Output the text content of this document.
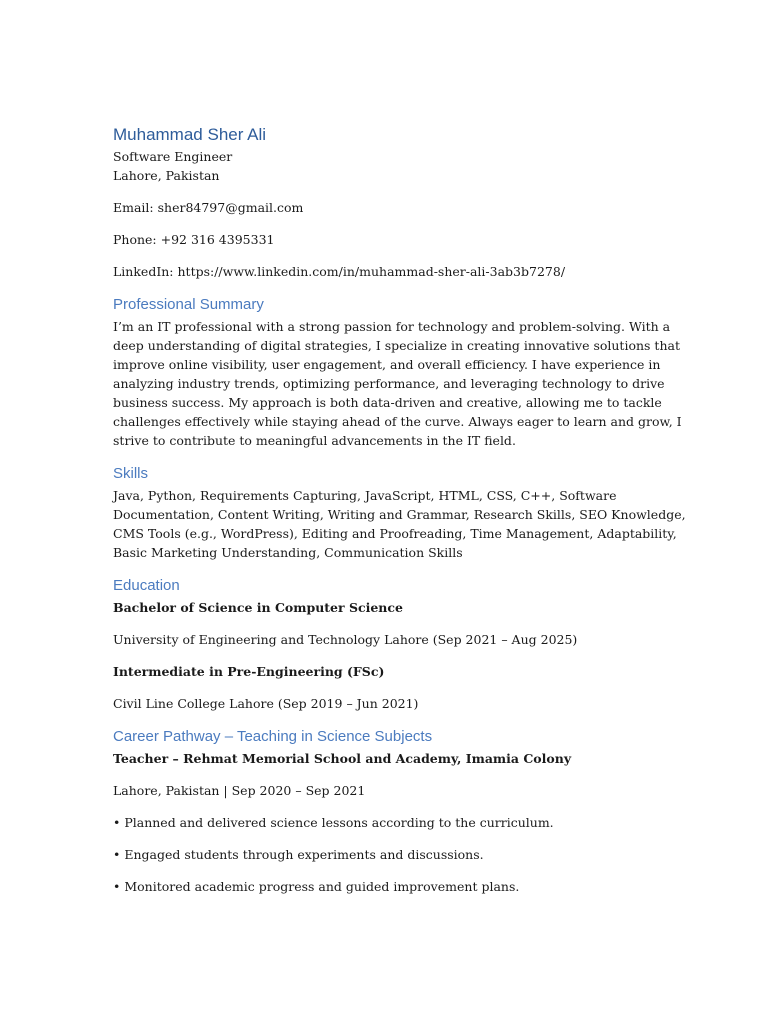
Muhammad Sher Ali

Software Engineer

Lahore, Pakistan

Email: sher84797@gmail.com

Phone: +92 316 4395331

LinkedIn: https://www.linkedin.com/in/muhammad-sher-ali-3ab3b7278/

Professional Summary

I’m an IT professional with a strong passion for technology and problem-solving. With a

deep understanding of digital strategies, I specialize in creating innovative solutions that

improve online visibility, user engagement, and overall efficiency. I have experience in

analyzing industry trends, optimizing performance, and leveraging technology to drive

business success. My approach is both data-driven and creative, allowing me to tackle

challenges effectively while staying ahead of the curve. Always eager to learn and grow, I

strive to contribute to meaningful advancements in the IT field.

Skills

Java, Python, Requirements Capturing, JavaScript, HTML, CSS, C++, Software

Documentation, Content Writing, Writing and Grammar, Research Skills, SEO Knowledge,

CMS Tools (e.g., WordPress), Editing and Proofreading, Time Management, Adaptability,

Basic Marketing Understanding, Communication Skills

Education

Bachelor of Science in Computer Science

University of Engineering and Technology Lahore (Sep 2021 – Aug 2025)

Intermediate in Pre-Engineering (FSc)

Civil Line College Lahore (Sep 2019 – Jun 2021)

Career Pathway – Teaching in Science Subjects

Teacher – Rehmat Memorial School and Academy, Imamia Colony

Lahore, Pakistan | Sep 2020 – Sep 2021

• Planned and delivered science lessons according to the curriculum.

• Engaged students through experiments and discussions.

• Monitored academic progress and guided improvement plans.
